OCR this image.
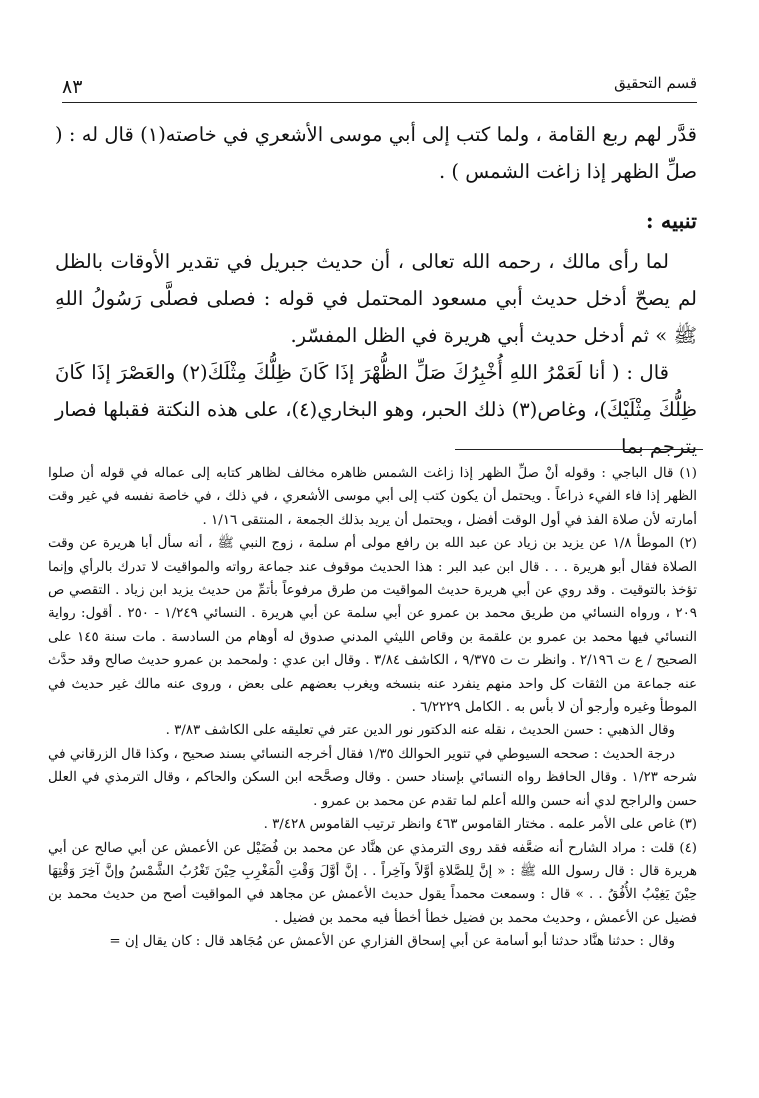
٨٣	قسم التحقيق

قدَّر لهم ربع القامة ، ولما كتب إلى أبي موسى الأشعري في خاصته(١) قال له : ( صلِّ الظهر إذا زاغت الشمس ) .

تنبيه :

لما رأى مالك ، رحمه الله تعالى ، أن حديث جبريل في تقدير الأوقات بالظل لم يصحّ أدخل حديث أبي مسعود المحتمل في قوله : فصلى فصلَّى رَسُولُ اللهِ ﷺ » ثم أدخل حديث أبي هريرة في الظل المفسّر.

قال : ( أنا لَعَمْرُ اللهِ أُخْبِرُكَ صَلِّ الظُّهْرَ إذَا كَانَ ظِلُّكَ مِثْلَكَ(٢) والعَصْرَ إذَا كَانَ ظِلُّكَ مِثْلَيْكَ)، وغاص(٣) ذلك الحبر، وهو البخاري(٤)، على هذه النكتة فقبلها فصار يترجم بما

(١) قال الباجي : وقوله أنْ صلِّ الظهر إذا زاغت الشمس ظاهره مخالف لظاهر كتابه إلى عماله في قوله أن صلوا الظهر إذا فاء الفيء ذراعاً . ويحتمل أن يكون كتب إلى أبي موسى الأشعري ، في ذلك ، في خاصة نفسه في غير وقت أمارته لأن صلاة الفذ في أول الوقت أفضل ، ويحتمل أن يريد بذلك الجمعة ، المنتقى ١/١٦ .

(٢) الموطأ ١/٨ عن يزيد بن زياد عن عبد الله بن رافع مولى أم سلمة ، زوج النبي ﷺ ، أنه سأل أبا هريرة عن وقت الصلاة فقال أبو هريرة . . . قال ابن عبد البر : هذا الحديث موقوف عند جماعة رواته والمواقيت لا تدرك بالرأي وإنما تؤخذ بالتوقيت . وقد روي عن أبي هريرة حديث المواقيت من طرق مرفوعاً بأتمِّ من حديث يزيد ابن زياد . التقصي ص ٢٠٩ ، ورواه النسائي من طريق محمد بن عمرو عن أبي سلمة عن أبي هريرة . النسائي ١/٢٤٩ - ٢٥٠ . أقول: رواية النسائي فيها محمد بن عمرو بن علقمة بن وقاص الليثي المدني صدوق له أوهام من السادسة . مات سنة ١٤٥ على الصحيح / ع ت ٢/١٩٦ . وانظر ت ت ٩/٣٧٥ ، الكاشف ٣/٨٤ . وقال ابن عدي : ولمحمد بن عمرو حديث صالح وقد حدَّث عنه جماعة من الثقات كل واحد منهم ينفرد عنه بنسخه ويغرب بعضهم على بعض ، وروى عنه مالك غير حديث في الموطأ وغيره وأرجو أن لا بأس به . الكامل ٦/٢٢٢٩ .

وقال الذهبي : حسن الحديث ، نقله عنه الدكتور نور الدين عتر في تعليقه على الكاشف ٣/٨٣ .

درجة الحديث : صححه السيوطي في تنوير الحوالك ١/٣٥ فقال أخرجه النسائي بسند صحيح ، وكذا قال الزرقاني في شرحه ١/٢٣ . وقال الحافظ رواه النسائي بإسناد حسن . وقال وصحَّحه ابن السكن والحاكم ، وقال الترمذي في العلل حسن والراجح لدي أنه حسن والله أعلم لما تقدم عن محمد بن عمرو .

(٣) غاص على الأمر علمه . مختار القاموس ٤٦٣ وانظر ترتيب القاموس ٣/٤٢٨ .

(٤) قلت : مراد الشارح أنه ضعَّفه فقد روى الترمذي عن هنَّاد عن محمد بن فُضَيْل عن الأعمش عن أبي صالح عن أبي هريرة قال : قال رسول الله ﷺ : « إنَّ لِلصَّلاةِ أوَّلاً وآخِراً . . إنَّ أوَّلَ وَقْتِ الْمَغْرِبِ حِيْنَ تَغْرُبُ الشَّمْسُ وإنَّ آخِرَ وَقْتِهَا حِيْنَ يَغِيْبُ الأُفُقُ . . » قال : وسمعت محمداً يقول حديث الأعمش عن مجاهد في المواقيت أصح من حديث محمد بن فضيل عن الأعمش ، وحديث محمد بن فضيل خطأ أخطأ فيه محمد بن فضيل .

وقال : حدثنا هنَّاد حدثنا أبو أسامة عن أبي إسحاق الفزاري عن الأعمش عن مُجَاهد قال : كان يقال إن =
